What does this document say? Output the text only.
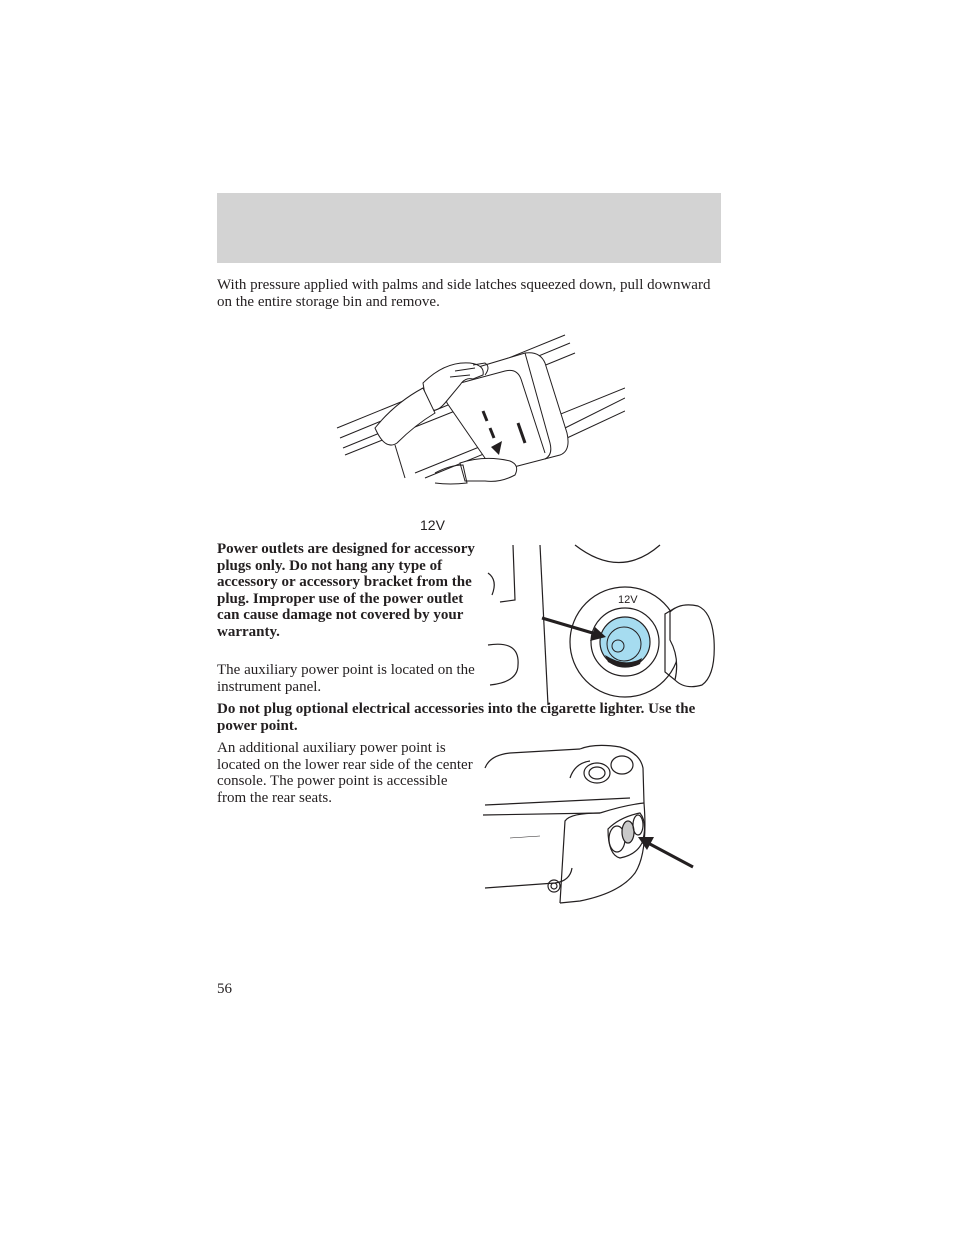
With pressure applied with palms and side latches squeezed down, pull downward on the entire storage bin and remove.

12V

Power outlets are designed for accessory plugs only. Do not hang any type of accessory or accessory bracket from the plug. Improper use of the power outlet can cause damage not covered by your warranty.

The auxiliary power point is located on the instrument panel.

12V

Do not plug optional electrical accessories into the cigarette lighter. Use the power point.

An additional auxiliary power point is located on the lower rear side of the center console. The power point is accessible from the rear seats.

56
